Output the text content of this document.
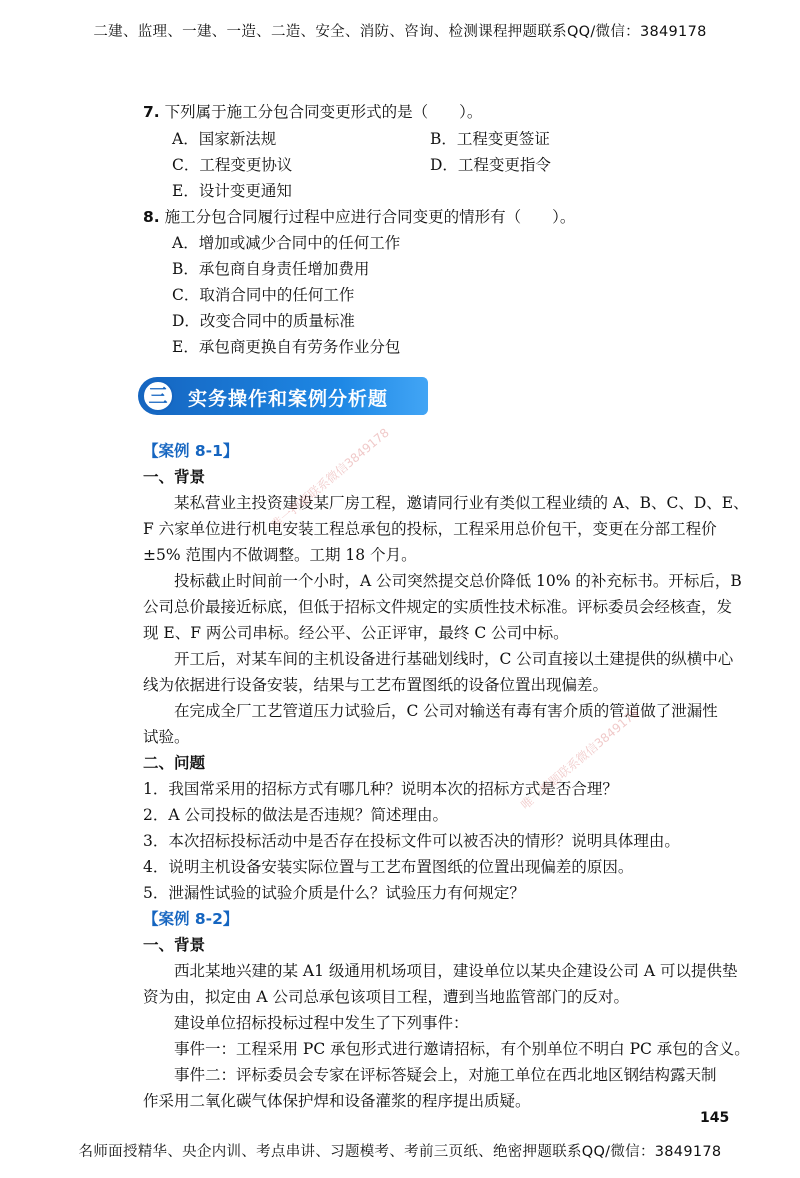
二建、监理、一建、一造、二造、安全、消防、咨询、检测课程押题联系QQ/微信：3849178
7. 下列属于施工分包合同变更形式的是（　　）。
A．国家新法规	B．工程变更签证
C．工程变更协议	D．工程变更指令
E．设计变更通知
8. 施工分包合同履行过程中应进行合同变更的情形有（　　）。
A．增加或减少合同中的任何工作
B．承包商自身责任增加费用
C．取消合同中的任何工作
D．改变合同中的质量标准
E．承包商更换自有劳务作业分包
三	实务操作和案例分析题
【案例 8-1】
一、背景
　　某私营业主投资建设某厂房工程，邀请同行业有类似工程业绩的 A、B、C、D、E、
F 六家单位进行机电安装工程总承包的投标，工程采用总价包干，变更在分部工程价
±5% 范围内不做调整。工期 18 个月。
　　投标截止时间前一个小时，A 公司突然提交总价降低 10% 的补充标书。开标后，B
公司总价最接近标底，但低于招标文件规定的实质性技术标准。评标委员会经核查，发
现 E、F 两公司串标。经公平、公正评审，最终 C 公司中标。
　　开工后，对某车间的主机设备进行基础划线时，C 公司直接以土建提供的纵横中心
线为依据进行设备安装，结果与工艺布置图纸的设备位置出现偏差。
　　在完成全厂工艺管道压力试验后，C 公司对输送有毒有害介质的管道做了泄漏性
试验。
二、问题
1．我国常采用的招标方式有哪几种？说明本次的招标方式是否合理？
2．A 公司投标的做法是否违规？简述理由。
3．本次招标投标活动中是否存在投标文件可以被否决的情形？说明具体理由。
4．说明主机设备安装实际位置与工艺布置图纸的位置出现偏差的原因。
5．泄漏性试验的试验介质是什么？试验压力有何规定？
【案例 8-2】
一、背景
　　西北某地兴建的某 A1 级通用机场项目，建设单位以某央企建设公司 A 可以提供垫
资为由，拟定由 A 公司总承包该项目工程，遭到当地监管部门的反对。
　　建设单位招标投标过程中发生了下列事件：
　　事件一：工程采用 PC 承包形式进行邀请招标，有个别单位不明白 PC 承包的含义。
　　事件二：评标委员会专家在评标答疑会上，对施工单位在西北地区钢结构露天制
作采用二氧化碳气体保护焊和设备灌浆的程序提出质疑。
唯一押题联系微信3849178
唯一押题联系微信3849178
145
名师面授精华、央企内训、考点串讲、习题模考、考前三页纸、绝密押题联系QQ/微信：3849178
